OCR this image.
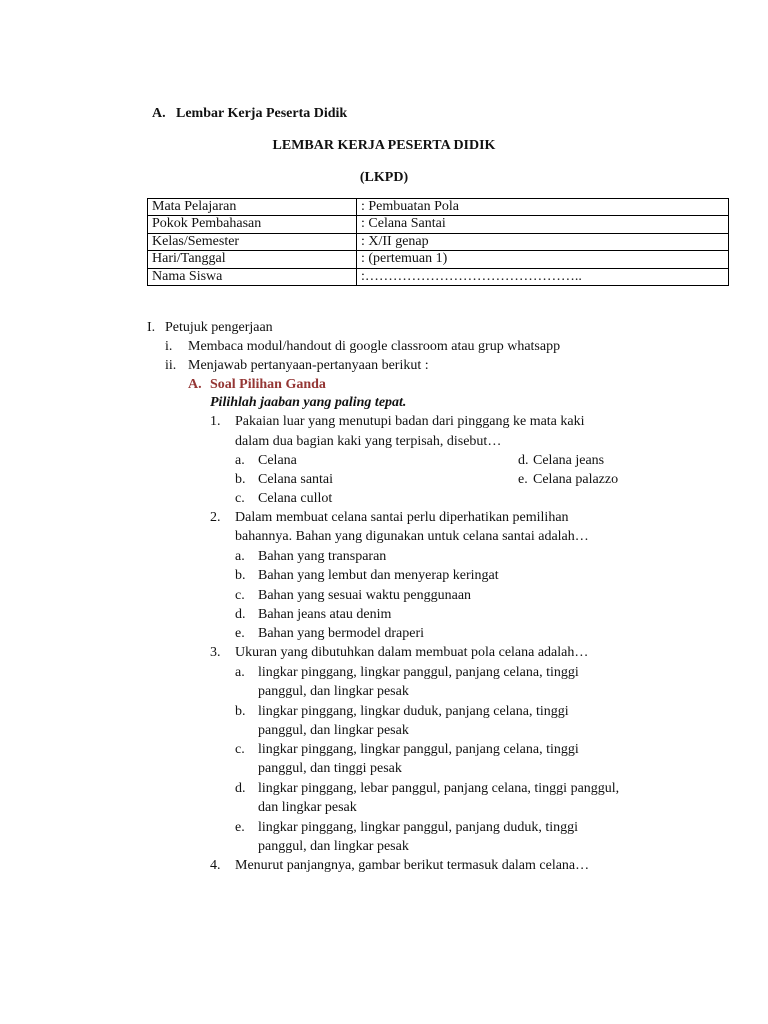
A. Lembar Kerja Peserta Didik
LEMBAR KERJA PESERTA DIDIK
(LKPD)
Mata Pelajaran	: Pembuatan Pola
Pokok Pembahasan	: Celana Santai
Kelas/Semester	: X/II genap
Hari/Tanggal	: (pertemuan 1)
Nama Siswa	:………………………………………..
I. Petujuk pengerjaan
i. Membaca modul/handout di google classroom atau grup whatsapp
ii. Menjawab pertanyaan-pertanyaan berikut :
A. Soal Pilihan Ganda
Pilihlah jaaban yang paling tepat.
1. Pakaian luar yang menutupi badan dari pinggang ke mata kaki
dalam dua bagian kaki yang terpisah, disebut…
a. Celana
b. Celana santai
c. Celana cullot
d. Celana jeans
e. Celana palazzo
2. Dalam membuat celana santai perlu diperhatikan pemilihan
bahannya. Bahan yang digunakan untuk celana santai adalah…
a. Bahan yang transparan
b. Bahan yang lembut dan menyerap keringat
c. Bahan yang sesuai waktu penggunaan
d. Bahan jeans atau denim
e. Bahan yang bermodel draperi
3. Ukuran yang dibutuhkan dalam membuat pola celana adalah…
a. lingkar pinggang, lingkar panggul, panjang celana, tinggi
panggul, dan lingkar pesak
b. lingkar pinggang, lingkar duduk, panjang celana, tinggi
panggul, dan lingkar pesak
c. lingkar pinggang, lingkar panggul, panjang celana, tinggi
panggul, dan tinggi pesak
d. lingkar pinggang, lebar panggul, panjang celana, tinggi panggul,
dan lingkar pesak
e. lingkar pinggang, lingkar panggul, panjang duduk, tinggi
panggul, dan lingkar pesak
4. Menurut panjangnya, gambar berikut termasuk dalam celana…
